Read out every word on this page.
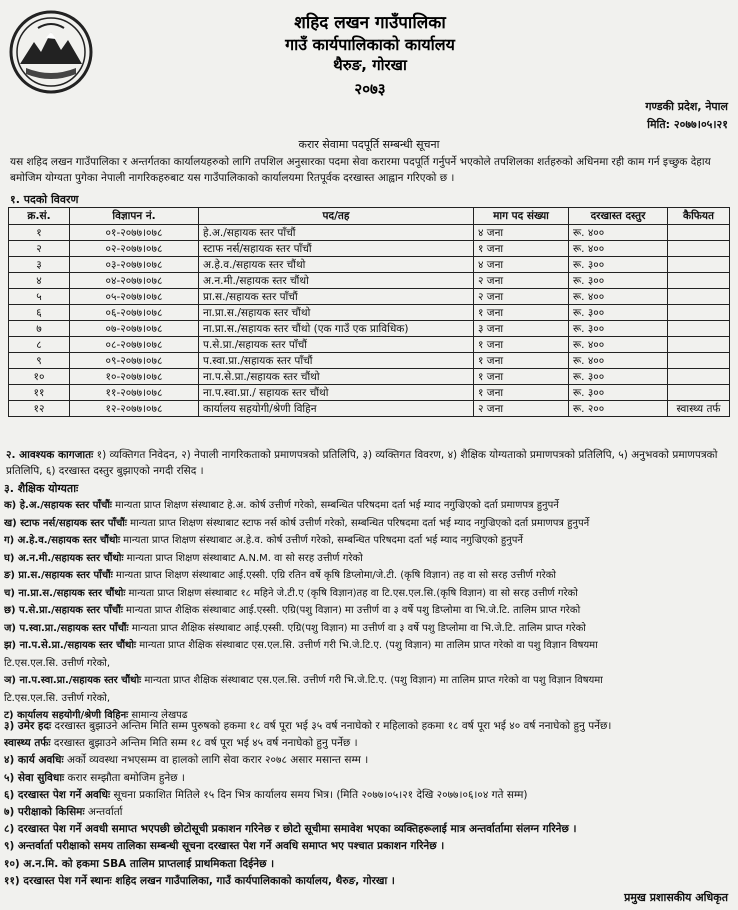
शहिद लखन गाउँपालिका
गाउँ कार्यपालिकाको कार्यालय
थैरुङ, गोरखा
२०७३
गण्डकी प्रदेश, नेपाल
मिति: २०७७।०५।२१
करार सेवामा पदपूर्ति सम्बन्धी सूचना
यस शहिद लखन गाउँपालिका र अन्तर्गतका कार्यालयहरुको लागि तपशिल अनुसारका पदमा सेवा करारमा पदपूर्ति गर्नुपर्ने भएकोले तपशिलका शर्तहरुको अधिनमा रही काम गर्न इच्छुक देहाय बमोजिम योग्यता पुगेका नेपाली नागरिकहरुबाट यस गाउँपालिकाको कार्यालयमा रितपूर्वक दरखास्त आह्वान गरिएको छ ।
१. पदको विवरण
क्र.सं.	विज्ञापन नं.	पद/तह	माग पद संख्या	दरखास्त दस्तुर	कैफियत
१	०१-२०७७।०७८	हे.अ./सहायक स्तर पाँचौं	४ जना	रू. ४००	
२	०२-२०७७।०७८	स्टाफ नर्स/सहायक स्तर पाँचौं	१ जना	रू. ४००	
३	०३-२०७७।०७८	अ.हे.व./सहायक स्तर चौंथो	४ जना	रू. ३००	
४	०४-२०७७।०७८	अ.न.मी./सहायक स्तर चौंथो	२ जना	रू. ३००	
५	०५-२०७७।०७८	प्रा.स./सहायक स्तर पाँचौं	२ जना	रू. ४००	
६	०६-२०७७।०७८	ना.प्रा.स./सहायक स्तर चौंथो	१ जना	रू. ३००	
७	०७-२०७७।०७८	ना.प्रा.स./सहायक स्तर चौंथो (एक गाउँ एक प्राविधिक)	३ जना	रू. ३००	
८	०८-२०७७।०७८	प.से.प्रा./सहायक स्तर पाँचौं	१ जना	रू. ४००	
९	०९-२०७७।०७८	प.स्वा.प्रा./सहायक स्तर पाँचौं	१ जना	रू. ४००	
१०	१०-२०७७।०७८	ना.प.से.प्रा./सहायक स्तर चौंथो	१ जना	रू. ३००	
११	११-२०७७।०७८	ना.प.स्वा.प्रा./ सहायक स्तर चौंथो	१ जना	रू. ३००	
१२	१२-२०७७।०७८	कार्यालय सहयोगी/श्रेणी विहिन	२ जना	रू. २००	स्वास्थ्य तर्फ
२. आवश्यक कागजातः १) व्यक्तिगत निवेदन, २) नेपाली नागरिकताको प्रमाणपत्रको प्रतिलिपि, ३) व्यक्तिगत विवरण, ४) शैक्षिक योग्यताको प्रमाणपत्रको प्रतिलिपि, ५) अनुभवको प्रमाणपत्रको प्रतिलिपि, ६) दरखास्त दस्तुर बुझाएको नगदी रसिद ।
३. शैक्षिक योग्यताः
क) हे.अ./सहायक स्तर पाँचौंः मान्यता प्राप्त शिक्षण संस्थाबाट हे.अ. कोर्ष उत्तीर्ण गरेको, सम्बन्धित परिषदमा दर्ता भई म्याद नगुज्रिएको दर्ता प्रमाणपत्र हुनुपर्ने
ख) स्टाफ नर्स/सहायक स्तर पाँचौंः मान्यता प्राप्त शिक्षण संस्थाबाट स्टाफ नर्स कोर्ष उत्तीर्ण गरेको, सम्बन्धित परिषदमा दर्ता भई म्याद नगुज्रिएको दर्ता प्रमाणपत्र हुनुपर्ने
ग) अ.हे.व./सहायक स्तर चौंथोः मान्यता प्राप्त शिक्षण संस्थाबाट अ.हे.व. कोर्ष उत्तीर्ण गरेको, सम्बन्धित परिषदमा दर्ता भई म्याद नगुज्रिएको हुनुपर्ने
घ) अ.न.मी./सहायक स्तर चौंथोः मान्यता प्राप्त शिक्षण संस्थाबाट A.N.M. वा सो सरह उत्तीर्ण गरेको
ङ) प्रा.स./सहायक स्तर पाँचौंः मान्यता प्राप्त शिक्षण संस्थाबाट आई.एस्सी. एग्रि रतिन वर्षे कृषि डिप्लोमा/जे.टी. (कृषि विज्ञान) तह वा सो सरह उत्तीर्ण गरेको
च) ना.प्रा.स./सहायक स्तर चौंथोः मान्यता प्राप्त शिक्षण संस्थाबाट १८ महिने जे.टी.ए (कृषि विज्ञान)तह वा टि.एस.एल.सि.(कृषि विज्ञान) वा सो सरह उत्तीर्ण गरेको
छ) प.से.प्रा./सहायक स्तर पाँचौंः मान्यता प्राप्त शैक्षिक संस्थाबाट आई.एस्सी. एग्रि(पशु विज्ञान) मा उत्तीर्ण वा ३ वर्षे पशु डिप्लोमा वा भि.जे.टि. तालिम प्राप्त गरेको
ज) प.स्वा.प्रा./सहायक स्तर पाँचौंः मान्यता प्राप्त शैक्षिक संस्थाबाट आई.एस्सी. एग्रि(पशु विज्ञान) मा उत्तीर्ण वा ३ वर्षे पशु डिप्लोमा वा भि.जे.टि. तालिम प्राप्त गरेको
झ) ना.प.से.प्रा./सहायक स्तर चौंथोः मान्यता प्राप्त शैक्षिक संस्थाबाट एस.एल.सि. उत्तीर्ण गरी भि.जे.टि.ए. (पशु विज्ञान) मा तालिम प्राप्त गरेको वा पशु विज्ञान विषयमा
टि.एस.एल.सि. उत्तीर्ण गरेको,
ञ) ना.प.स्वा.प्रा./सहायक स्तर चौंथोः मान्यता प्राप्त शैक्षिक संस्थाबाट एस.एल.सि. उत्तीर्ण गरी भि.जे.टि.ए. (पशु विज्ञान) मा तालिम प्राप्त गरेको वा पशु विज्ञान विषयमा
टि.एस.एल.सि. उत्तीर्ण गरेको,
ट) कार्यालय सहयोगी/श्रेणी विहिनः सामान्य लेखपढ
३) उमेर हदः दरखास्त बुझाउने अन्तिम मिति सम्म पुरुषको हकमा १८ वर्ष पूरा भई ३५ वर्ष ननाघेको र महिलाको हकमा १८ वर्ष पूरा भई ४० वर्ष ननाघेको हुनु पर्नेछ।
स्वास्थ्य तर्फः दरखास्त बुझाउने अन्तिम मिति सम्म १८ वर्ष पूरा भई ४५ वर्ष ननाघेको हुनु पर्नेछ ।
४) कार्य अवधिः अर्को व्यवस्था नभएसम्म वा हालको लागि सेवा करार २०७८ असार मसान्त सम्म ।
५) सेवा सुविधाः करार सम्झौता बमोजिम हुनेछ ।
६) दरखास्त पेश गर्ने अवधिः सूचना प्रकाशित मितिले १५ दिन भित्र कार्यालय समय भित्र। (मिति २०७७।०५।२१ देखि २०७७।०६।०४ गते सम्म)
७) परीक्षाको किसिमः अन्तर्वार्ता
८) दरखास्त पेश गर्ने अवधी समाप्त भएपछी छोटोसूची प्रकाशन गरिनेछ र छोटो सूचीमा समावेश भएका व्यक्तिहरूलाई मात्र अन्तर्वार्तामा संलग्न गरिनेछ ।
९) अन्तर्वार्ता परीक्षाको समय तालिका सम्बन्धी सूचना दरखास्त पेश गर्ने अवधि समाप्त भए पश्चात प्रकाशन गरिनेछ ।
१०) अ.न.मि. को हकमा SBA तालिम प्राप्तलाई प्राथमिकता दिईनेछ ।
११) दरखास्त पेश गर्ने स्थानः शहिद लखन गाउँपालिका, गाउँ कार्यपालिकाको कार्यालय, थैरुङ, गोरखा ।
प्रमुख प्रशासकीय अधिकृत
